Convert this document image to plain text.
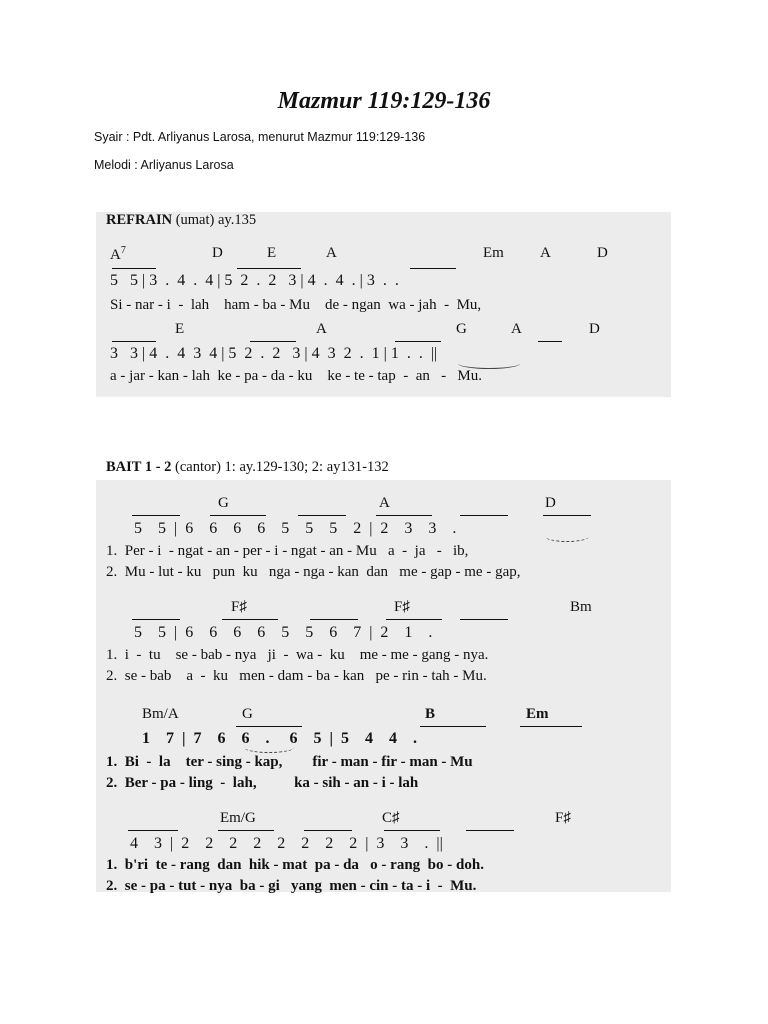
Mazmur 119:129-136
Syair : Pdt. Arliyanus Larosa, menurut Mazmur 119:129-136
Melodi : Arliyanus Larosa
REFRAIN (umat) ay.135
$A^7$	D	E	A	Em A	D
5   5 | 3  .  4  .  4 | 5  2  .  2   3 | 4  .  4  . | 3  .  .
Si - nar - i  -  lah    ham - ba - Mu    de - ngan  wa - jah  -  Mu,
E	A	G	A	D
3   3 | 4  .  4  3  4 | 5  2  .  2   3 | 4  3  2  .  1 | 1  .  .  ||
a - jar - kan - lah  ke - pa - da - ku    ke - te - tap  -  an   -   Mu.
BAIT 1 - 2 (cantor) 1: ay.129-130; 2: ay131-132
G	A	D
5    5  |  6    6    6    6    5    5    5    2  |  2    3    3    .
1.  Per - i  - ngat - an - per - i - ngat - an - Mu   a  -  ja   -   ib,
2.  Mu - lut - ku   pun  ku   nga - nga - kan  dan   me - gap - me - gap,
F♯	F♯	Bm
5    5  |  6    6    6    6    5    5    6    7  |  2    1    .
1.  i  -  tu    se - bab - nya   ji  -  wa -  ku    me - me - gang - nya.
2.  se - bab    a  -  ku   men - dam - ba - kan   pe - rin - tah - Mu.
Bm/A	G	B	Em
1    7  |  7    6    6    .     6    5  |  5    4    4    .
1.  Bi  -  la    ter - sing - kap,        fir - man - fir - man - Mu
2.  Ber - pa - ling  -  lah,          ka - sih - an - i - lah
Em/G	C♯	F♯
4    3  |  2    2    2    2    2    2    2    2  |  3    3    .  ||
1.  b'ri  te - rang  dan  hik - mat  pa - da   o - rang  bo - doh.
2.  se - pa - tut - nya  ba - gi   yang  men - cin - ta - i  -  Mu.
